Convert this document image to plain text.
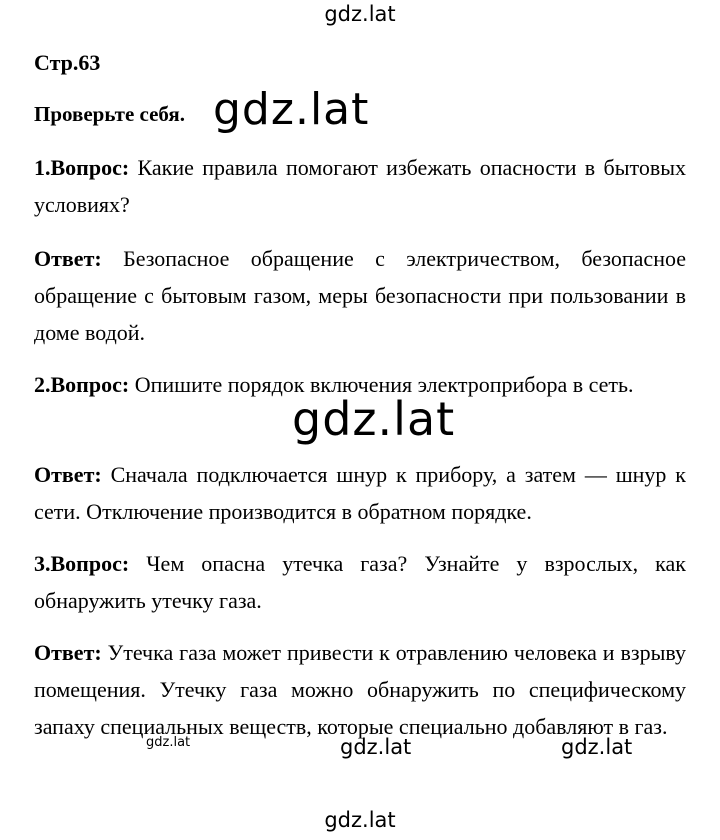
gdz.lat
Стр.63
Проверьте себя.
1.Вопрос: Какие правила помогают избежать опасности в бытовых условиях?
Ответ: Безопасное обращение с электричеством, безопасное обращение с бытовым газом, меры безопасности при пользовании в доме водой.
2.Вопрос: Опишите порядок включения электроприбора в сеть.
Ответ: Сначала подключается шнур к прибору, а затем — шнур к сети. Отключение производится в обратном порядке.
3.Вопрос: Чем опасна утечка газа? Узнайте у взрослых, как обнаружить утечку газа.
Ответ: Утечка газа может привести к отравлению человека и взрыву помещения. Утечку газа можно обнаружить по специфическому запаху специальных веществ, которые специально добавляют в газ.
gdz.lat
gdz.lat
gdz.lat	gdz.lat	gdz.lat
gdz.lat
